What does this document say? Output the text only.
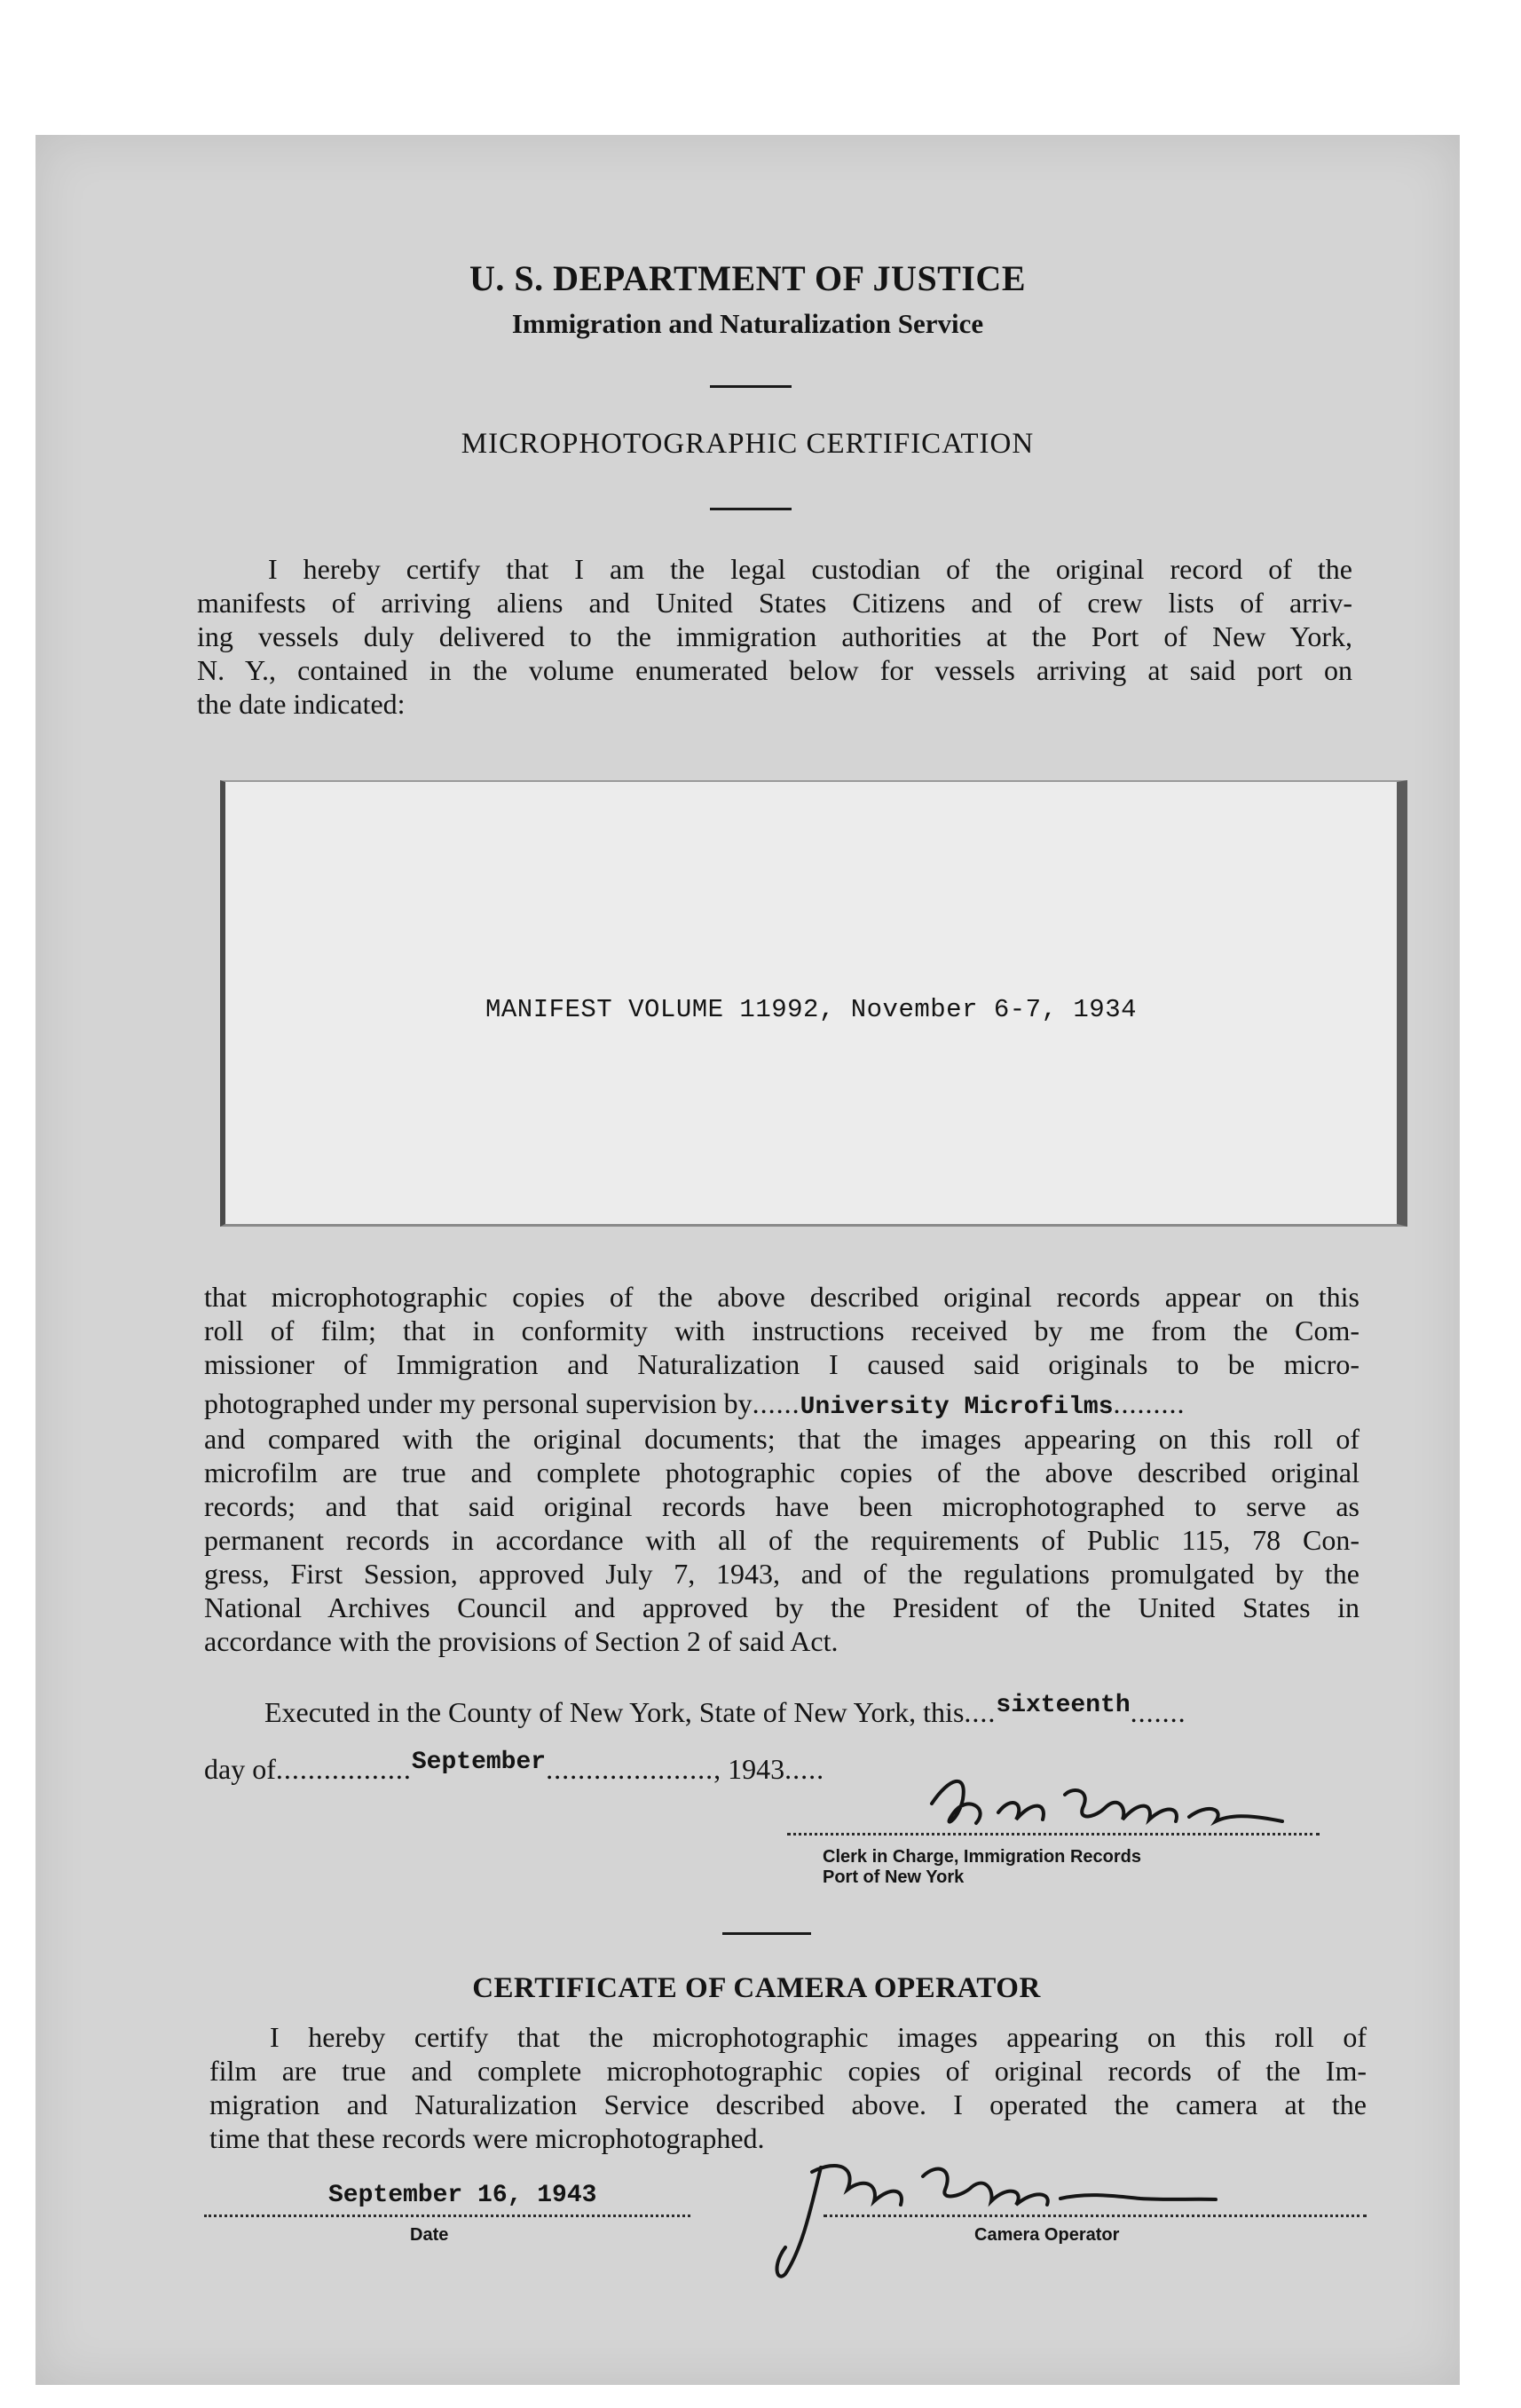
U. S. DEPARTMENT OF JUSTICE
Immigration and Naturalization Service
MICROPHOTOGRAPHIC CERTIFICATION
I hereby certify that I am the legal custodian of the original record of the
manifests of arriving aliens and United States Citizens and of crew lists of arriv-
ing vessels duly delivered to the immigration authorities at the Port of New York,
N. Y., contained in the volume enumerated below for vessels arriving at said port on
the date indicated:
MANIFEST VOLUME 11992, November 6-7, 1934
that microphotographic copies of the above described original records appear on this
roll of film; that in conformity with instructions received by me from the Com-
missioner of Immigration and Naturalization I caused said originals to be micro-
photographed under my personal supervision by......University Microfilms.........
and compared with the original documents; that the images appearing on this roll of
microfilm are true and complete photographic copies of the above described original
records; and that said original records have been microphotographed to serve as
permanent records in accordance with all of the requirements of Public 115, 78 Con-
gress, First Session, approved July 7, 1943, and of the regulations promulgated by the
National Archives Council and approved by the President of the United States in
accordance with the provisions of Section 2 of said Act.
Executed in the County of New York, State of New York, this....sixteenth.......
day of.................September....................., 1943.....
Clerk in Charge, Immigration Records
Port of New York
CERTIFICATE OF CAMERA OPERATOR
I hereby certify that the microphotographic images appearing on this roll of
film are true and complete microphotographic copies of original records of the Im-
migration and Naturalization Service described above. I operated the camera at the
time that these records were microphotographed.
September 16, 1943
Date	Camera Operator
